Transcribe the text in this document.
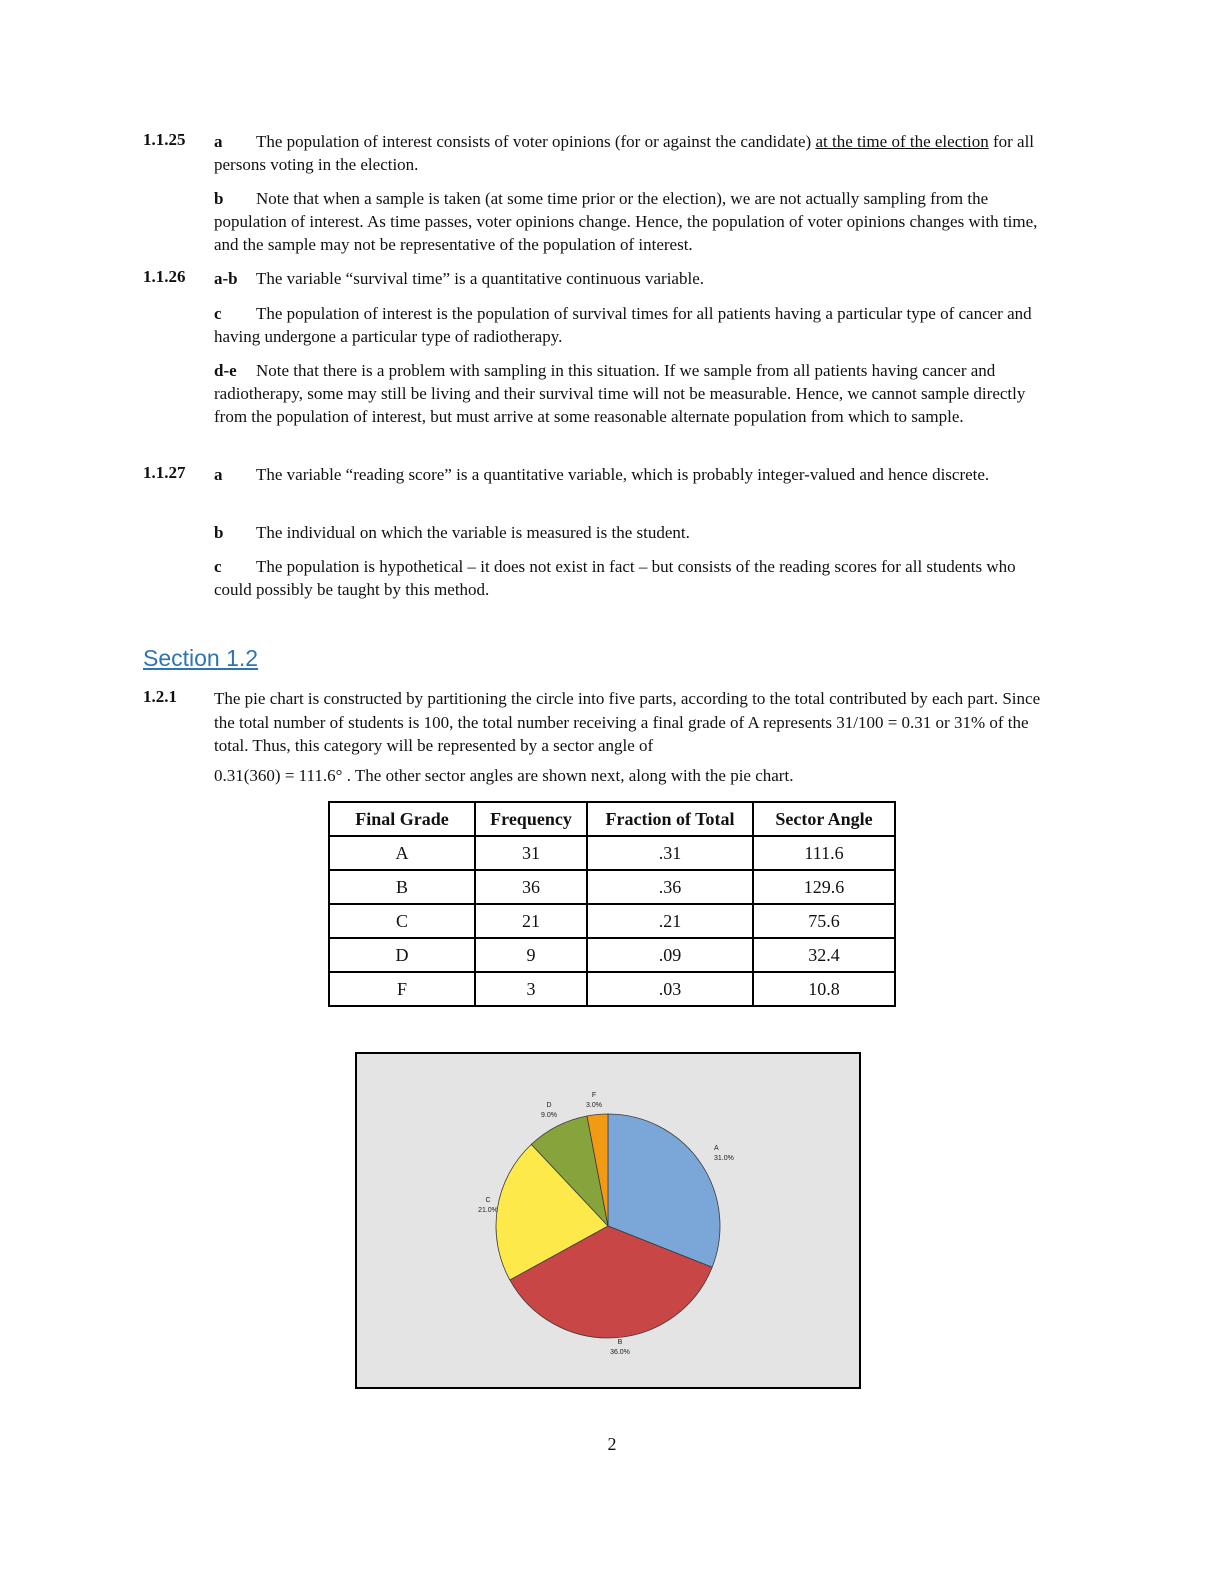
1.1.25 a The population of interest consists of voter opinions (for or against the candidate) at the time of the election for all persons voting in the election.
b Note that when a sample is taken (at some time prior or the election), we are not actually sampling from the population of interest. As time passes, voter opinions change. Hence, the population of voter opinions changes with time, and the sample may not be representative of the population of interest.
1.1.26 a-b The variable “survival time” is a quantitative continuous variable.
c The population of interest is the population of survival times for all patients having a particular type of cancer and having undergone a particular type of radiotherapy.
d-e Note that there is a problem with sampling in this situation. If we sample from all patients having cancer and radiotherapy, some may still be living and their survival time will not be measurable. Hence, we cannot sample directly from the population of interest, but must arrive at some reasonable alternate population from which to sample.
1.1.27 a The variable “reading score” is a quantitative variable, which is probably integer-valued and hence discrete.
b The individual on which the variable is measured is the student.
c The population is hypothetical – it does not exist in fact – but consists of the reading scores for all students who could possibly be taught by this method.
Section 1.2
1.2.1 The pie chart is constructed by partitioning the circle into five parts, according to the total contributed by each part. Since the total number of students is 100, the total number receiving a final grade of A represents 31/100 = 0.31 or 31% of the total. Thus, this category will be represented by a sector angle of
0.31(360) = 111.6° . The other sector angles are shown next, along with the pie chart.
Final Grade	Frequency	Fraction of Total	Sector Angle
A	31	.31	111.6
B	36	.36	129.6
C	21	.21	75.6
D	9	.09	32.4
F	3	.03	10.8
A
31.0%
B
36.0%
C
21.0%
D
9.0%
F
3.0%
2
